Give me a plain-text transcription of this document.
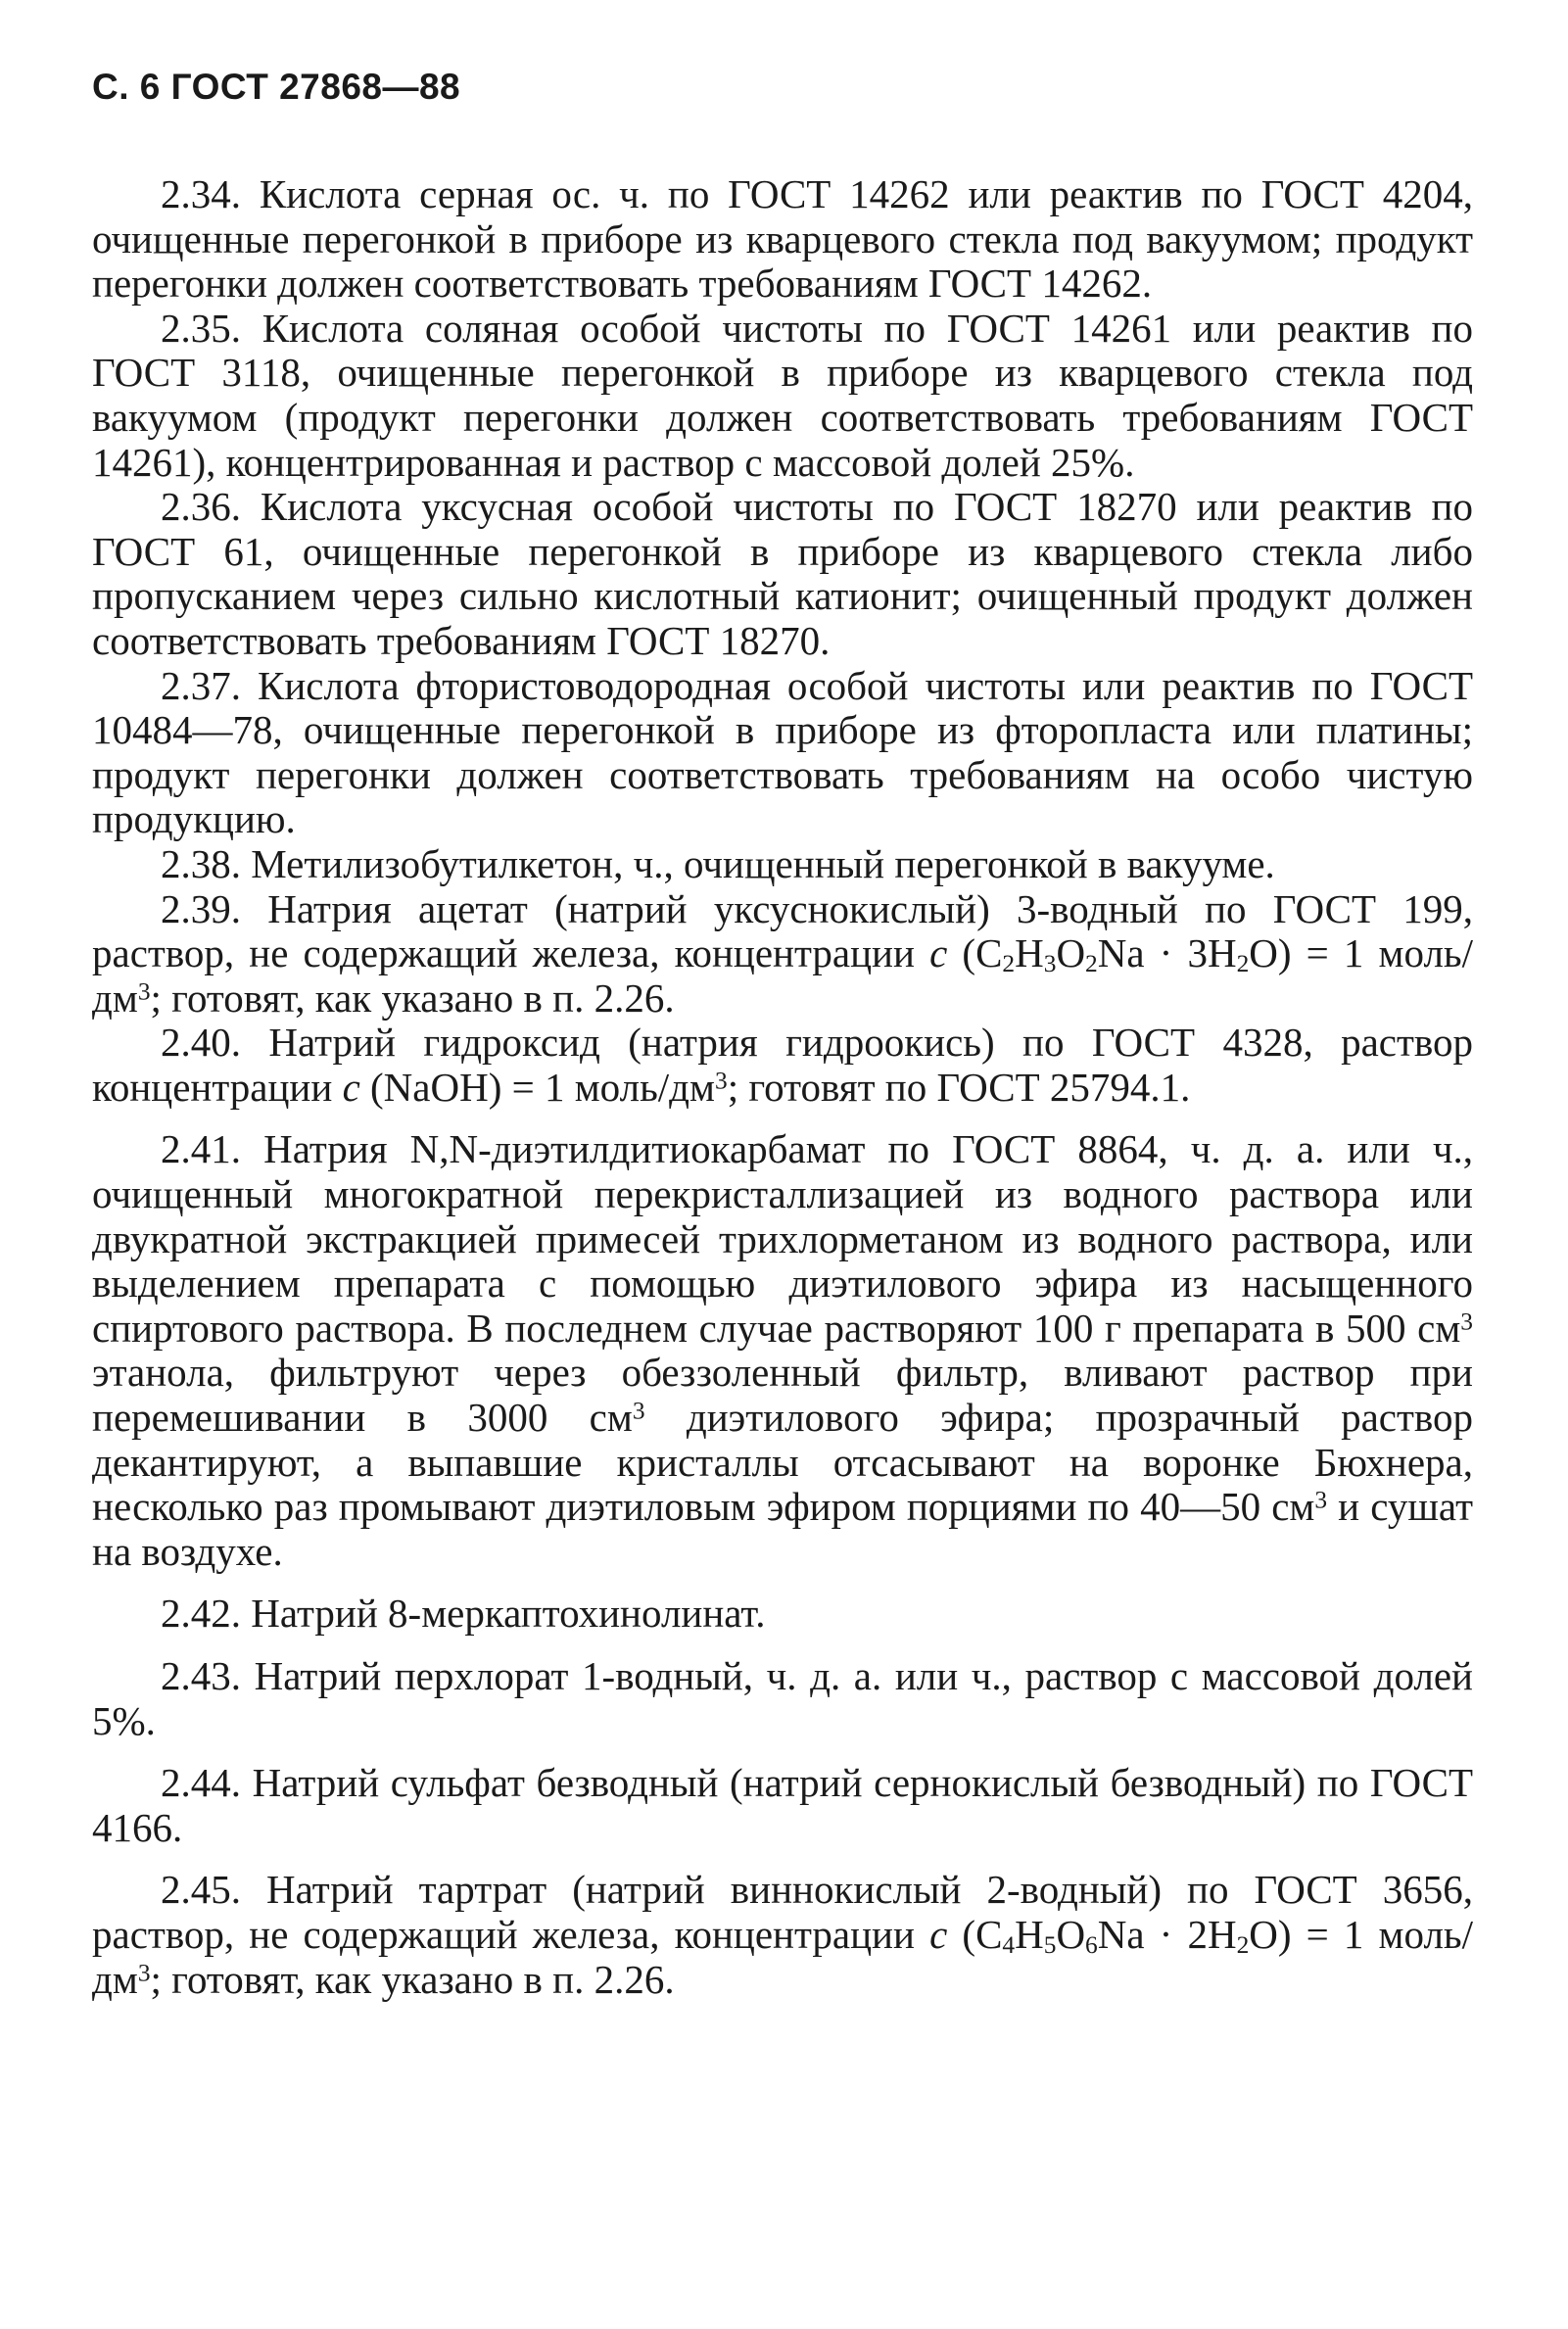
С. 6 ГОСТ 27868—88

2.34. Кислота серная ос. ч. по ГОСТ 14262 или реактив по ГОСТ 4204, очищенные перегонкой в приборе из кварцевого стекла под вакуумом; продукт перегонки должен соответствовать требованиям ГОСТ 14262.

2.35. Кислота соляная особой чистоты по ГОСТ 14261 или реактив по ГОСТ 3118, очищенные перегонкой в приборе из кварцевого стекла под вакуумом (продукт перегонки должен соответствовать требованиям ГОСТ 14261), концентрированная и раствор с массовой долей 25%.

2.36. Кислота уксусная особой чистоты по ГОСТ 18270 или реактив по ГОСТ 61, очищенные перегонкой в приборе из кварцевого стекла либо пропусканием через сильно кислотный катионит; очищенный продукт должен соответствовать требованиям ГОСТ 18270.

2.37. Кислота фтористоводородная особой чистоты или реактив по ГОСТ 10484—78, очищенные перегонкой в приборе из фторопласта или платины; продукт перегонки должен соответствовать требованиям на особо чистую продукцию.

2.38. Метилизобутилкетон, ч., очищенный перегонкой в вакууме.

2.39. Натрия ацетат (натрий уксуснокислый) 3-водный по ГОСТ 199, раствор, не содержащий железа, концентрации c $(C_2H_3O_2Na \cdot 3H_2O) = 1$ моль/$дм^3$; готовят, как указано в п. 2.26.

2.40. Натрий гидроксид (натрия гидроокись) по ГОСТ 4328, раствор концентрации c (NaOH) = 1 моль/$дм^3$; готовят по ГОСТ 25794.1.

2.41. Натрия N,N-диэтилдитиокарбамат по ГОСТ 8864, ч. д. а. или ч., очищенный многократной перекристаллизацией из водного раствора или двукратной экстракцией примесей трихлорметаном из водного раствора, или выделением препарата с помощью диэтилового эфира из насыщенного спиртового раствора. В последнем случае растворяют 100 г препарата в 500 $см^3$ этанола, фильтруют через обеззоленный фильтр, вливают раствор при перемешивании в 3000 $см^3$ диэтилового эфира; прозрачный раствор декантируют, а выпавшие кристаллы отсасывают на воронке Бюхнера, несколько раз промывают диэтиловым эфиром порциями по 40—50 $см^3$ и сушат на воздухе.

2.42. Натрий 8-меркаптохинолинат.

2.43. Натрий перхлорат 1-водный, ч. д. а. или ч., раствор с массовой долей 5%.

2.44. Натрий сульфат безводный (натрий сернокислый безводный) по ГОСТ 4166.

2.45. Натрий тартрат (натрий виннокислый 2-водный) по ГОСТ 3656, раствор, не содержащий железа, концентрации c $(C_4H_5O_6Na \cdot 2H_2O) = 1$ моль/$дм^3$; готовят, как указано в п. 2.26.
